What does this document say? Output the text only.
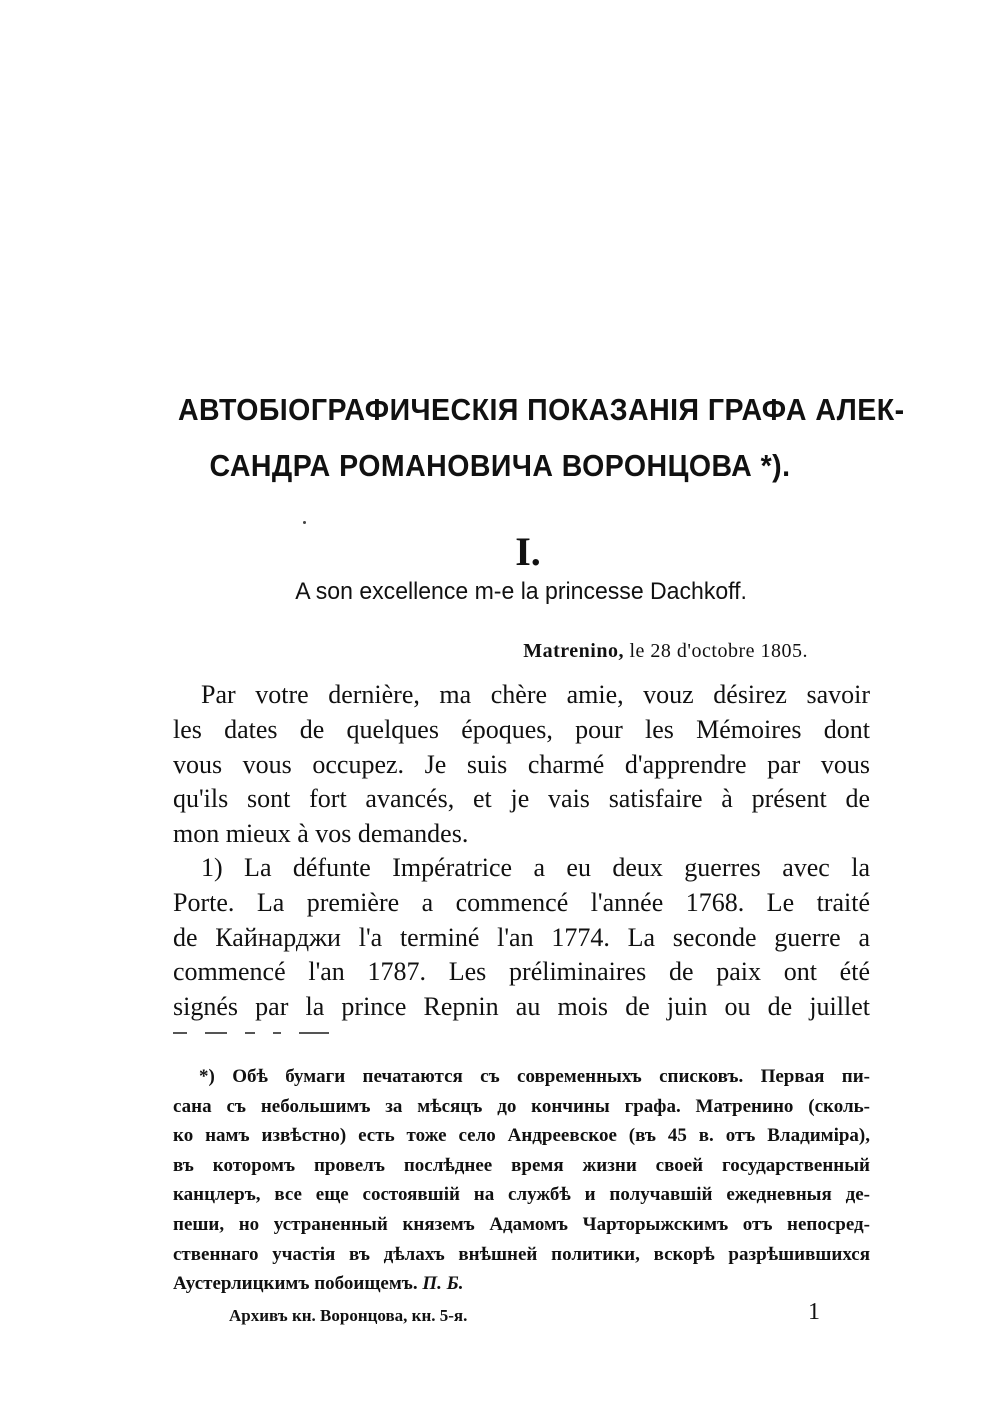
АВТОБІОГРАФИЧЕСКІЯ ПОКАЗАНІЯ ГРАФА АЛЕК-
САНДРА РОМАНОВИЧА ВОРОНЦОВА *).
I.
A son excellence m-e la princesse Dachkoff.
Matrenino, le 28 d'octobre 1805.
Par votre dernière, ma chère amie, vouz désirez savoir
les dates de quelques époques, pour les Mémoires dont
vous vous occupez. Je suis charmé d'apprendre par vous
qu'ils sont fort avancés, et je vais satisfaire à présent de
mon mieux à vos demandes.
1) La défunte Impératrice a eu deux guerres avec la
Porte. La première a commencé l'année 1768. Le traité
de Кайнарджи l'a terminé l'an 1774. La seconde guerre a
commencé l'an 1787. Les préliminaires de paix ont été
signés par la prince Repnin au mois de juin ou de juillet
*) Обѣ бумаги печатаются съ современныхъ списковъ. Первая пи-
сана съ небольшимъ за мѣсяцъ до кончины графа. Матренино (сколь-
ко намъ извѣстно) есть тоже село Андреевское (въ 45 в. отъ Владиміра),
въ которомъ провелъ послѣднее время жизни своей государственный
канцлеръ, все еще состоявшій на службѣ и получавшій ежедневныя де-
пеши, но устраненный княземъ Адамомъ Чарторыжскимъ отъ непосред-
ственнаго участія въ дѣлахъ внѣшней политики, вскорѣ разрѣшившихся
Аустерлицкимъ побоищемъ. П. Б.
Архивъ кн. Воронцова, кн. 5-я.	1
